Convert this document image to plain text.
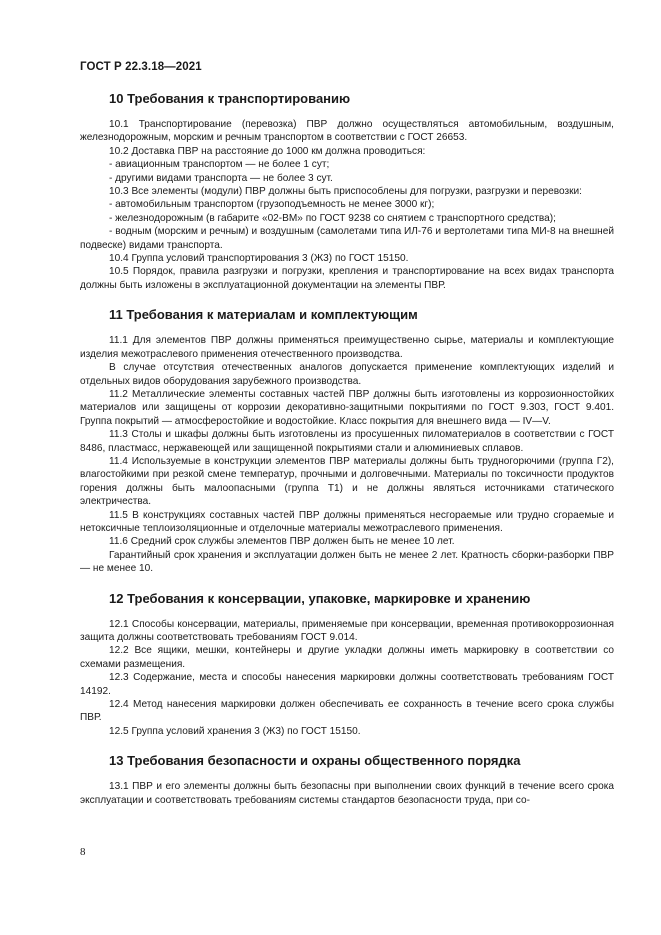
ГОСТ Р 22.3.18—2021
10 Требования к транспортированию

10.1 Транспортирование (перевозка) ПВР должно осуществляться автомобильным, воздушным, железнодорожным, морским и речным транспортом в соответствии с ГОСТ 26653.

10.2 Доставка ПВР на расстояние до 1000 км должна проводиться:

- авиационным транспортом — не более 1 сут;

- другими видами транспорта — не более 3 сут.

10.3 Все элементы (модули) ПВР должны быть приспособлены для погрузки, разгрузки и перевозки:

- автомобильным транспортом (грузоподъемность не менее 3000 кг);

- железнодорожным (в габарите «02-ВМ» по ГОСТ 9238 со снятием с транспортного средства);

- водным (морским и речным) и воздушным (самолетами типа ИЛ-76 и вертолетами типа МИ-8 на внешней подвеске) видами транспорта.

10.4 Группа условий транспортирования 3 (Ж3) по ГОСТ 15150.

10.5 Порядок, правила разгрузки и погрузки, крепления и транспортирование на всех видах транспорта должны быть изложены в эксплуатационной документации на элементы ПВР.

11 Требования к материалам и комплектующим

11.1 Для элементов ПВР должны применяться преимущественно сырье, материалы и комплектующие изделия межотраслевого применения отечественного производства.

В случае отсутствия отечественных аналогов допускается применение комплектующих изделий и отдельных видов оборудования зарубежного производства.

11.2 Металлические элементы составных частей ПВР должны быть изготовлены из коррозионностойких материалов или защищены от коррозии декоративно-защитными покрытиями по ГОСТ 9.303, ГОСТ 9.401. Группа покрытий — атмосферостойкие и водостойкие. Класс покрытия для внешнего вида — IV—V.

11.3 Столы и шкафы должны быть изготовлены из просушенных пиломатериалов в соответствии с ГОСТ 8486, пластмасс, нержавеющей или защищенной покрытиями стали и алюминиевых сплавов.

11.4 Используемые в конструкции элементов ПВР материалы должны быть трудногорючими (группа Г2), влагостойкими при резкой смене температур, прочными и долговечными. Материалы по токсичности продуктов горения должны быть малоопасными (группа Т1) и не должны являться источниками статического электричества.

11.5 В конструкциях составных частей ПВР должны применяться несгораемые или трудно сгораемые и нетоксичные теплоизоляционные и отделочные материалы межотраслевого применения.

11.6 Средний срок службы элементов ПВР должен быть не менее 10 лет.

Гарантийный срок хранения и эксплуатации должен быть не менее 2 лет. Кратность сборки-разборки ПВР — не менее 10.

12 Требования к консервации, упаковке, маркировке и хранению

12.1 Способы консервации, материалы, применяемые при консервации, временная противокоррозионная защита должны соответствовать требованиям ГОСТ 9.014.

12.2 Все ящики, мешки, контейнеры и другие укладки должны иметь маркировку в соответствии со схемами размещения.

12.3 Содержание, места и способы нанесения маркировки должны соответствовать требованиям ГОСТ 14192.

12.4 Метод нанесения маркировки должен обеспечивать ее сохранность в течение всего срока службы ПВР.

12.5 Группа условий хранения 3 (Ж3) по ГОСТ 15150.

13 Требования безопасности и охраны общественного порядка

13.1 ПВР и его элементы должны быть безопасны при выполнении своих функций в течение всего срока эксплуатации и соответствовать требованиям системы стандартов безопасности труда, при со-

8
